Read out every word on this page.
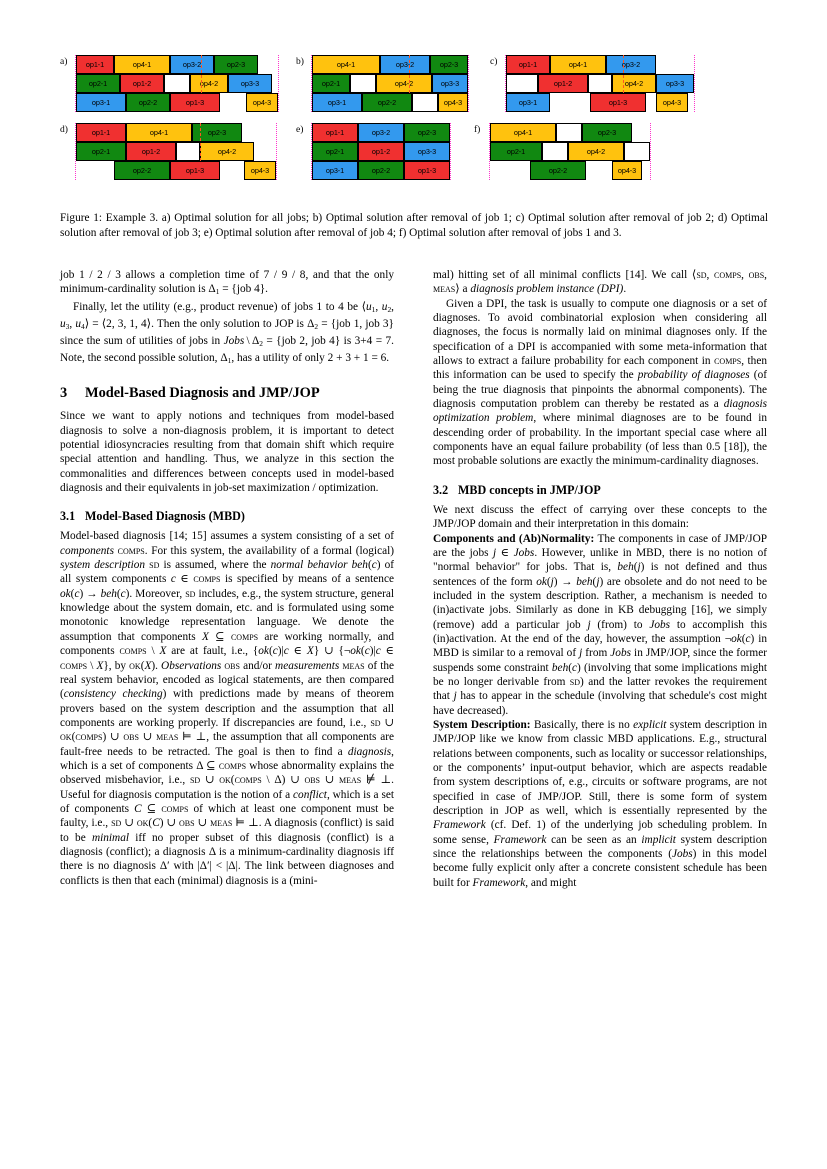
a)	op1-1	op4-1	op3-2	op2-3
op2-1	op1-2	op4-2	op3-3
op3-1	op2-2	op1-3	op4-3
b)	op4-1	op3-2	op2-3
op2-1	op4-2	op3-3
op3-1	op2-2	op4-3
c)	op1-1	op4-1	op3-2
op1-2	op4-2	op3-3
op3-1	op1-3	op4-3
d)	op1-1	op4-1	op2-3
op2-1	op1-2	op4-2
op2-2	op1-3	op4-3
e)	op1-1	op3-2	op2-3
op2-1	op1-2	op3-3
op3-1	op2-2	op1-3
f)	op4-1	op2-3
op2-1	op4-2
op2-2	op4-3
Figure 1: Example 3. a) Optimal solution for all jobs; b) Optimal solution after removal of job 1; c) Optimal solution after removal of job 2; d) Optimal solution after removal of job 3; e) Optimal solution after removal of job 4; f) Optimal solution after removal of jobs 1 and 3.

job 1 / 2 / 3 allows a completion time of 7 / 9 / 8, and that the only minimum-cardinality solution is $\Delta_1 = \{job$ 4}.

Finally, let the utility (e.g., product revenue) of jobs 1 to 4 be $⟨u_1$, $u_2$, $u_3$, $u_4⟩$ = ⟨2, 3, 1, 4⟩. Then the only solution to JOP is $\Delta_2 = \{job$ 1, job 3} since the sum of utilities of jobs in Jobs \ $\Delta_2 = \{job$ 2, job 4} is 3+4 = 7. Note, the second possible solution, $\Delta_1$, has a utility of only 2 + 3 + 1 = 6.

3 Model-Based Diagnosis and JMP/JOP

Since we want to apply notions and techniques from model-based diagnosis to solve a non-diagnosis problem, it is important to detect potential idiosyncracies resulting from that domain shift which require special attention and handling. Thus, we analyze in this section the commonalities and differences between concepts used in model-based diagnosis and their equivalents in job-set maximization / optimization.

3.1 Model-Based Diagnosis (MBD)

Model-based diagnosis [14; 15] assumes a system consisting of a set of components comps. For this system, the availability of a formal (logical) system description sd is assumed, where the normal behavior beh(c) of all system components c ∈ comps is specified by means of a sentence ok(c) → beh(c). Moreover, sd includes, e.g., the system structure, general knowledge about the system domain, etc. and is formulated using some monotonic knowledge representation language. We denote the assumption that components X ⊆ comps are working normally, and components comps \ X are at fault, i.e., {ok(c)|c ∈ X} ∪ {¬ok(c)|c ∈ comps \ X}, by ok(X). Observations obs and/or measurements meas of the real system behavior, encoded as logical statements, are then compared (consistency checking) with predictions made by means of theorem provers based on the system description and the assumption that all components are working properly. If discrepancies are found, i.e., sd ∪ ok(comps) ∪ obs ∪ meas ⊨ ⊥, the assumption that all components are fault-free needs to be retracted. The goal is then to find a diagnosis, which is a set of components Δ ⊆ comps whose abnormality explains the observed misbehavior, i.e., sd ∪ ok(comps \ Δ) ∪ obs ∪ meas ⊭ ⊥. Useful for diagnosis computation is the notion of a conflict, which is a set of components C ⊆ comps of which at least one component must be faulty, i.e., sd ∪ ok(C) ∪ obs ∪ meas ⊨ ⊥. A diagnosis (conflict) is said to be minimal iff no proper subset of this diagnosis (conflict) is a diagnosis (conflict); a diagnosis Δ is a minimum-cardinality diagnosis iff there is no diagnosis Δ′ with |Δ′| < |Δ|. The link between diagnoses and conflicts is then that each (minimal) diagnosis is a (mini-

mal) hitting set of all minimal conflicts [14]. We call ⟨sd, comps, obs, meas⟩ a diagnosis problem instance (DPI).

Given a DPI, the task is usually to compute one diagnosis or a set of diagnoses. To avoid combinatorial explosion when considering all diagnoses, the focus is normally laid on minimal diagnoses only. If the specification of a DPI is accompanied with some meta-information that allows to extract a failure probability for each component in comps, then this information can be used to specify the probability of diagnoses (of being the true diagnosis that pinpoints the abnormal components). The diagnosis computation problem can thereby be restated as a diagnosis optimization problem, where minimal diagnoses are to be found in descending order of probability. In the important special case where all components have an equal failure probability (of less than 0.5 [18]), the most probable solutions are exactly the minimum-cardinality diagnoses.

3.2 MBD concepts in JMP/JOP

We next discuss the effect of carrying over these concepts to the JMP/JOP domain and their interpretation in this domain:

Components and (Ab)Normality: The components in case of JMP/JOP are the jobs j ∈ Jobs. However, unlike in MBD, there is no notion of "normal behavior" for jobs. That is, beh(j) is not defined and thus sentences of the form ok(j) → beh(j) are obsolete and do not need to be included in the system description. Rather, a mechanism is needed to (in)activate jobs. Similarly as done in KB debugging [16], we simply (remove) add a particular job j (from) to Jobs to accomplish this (in)activation. At the end of the day, however, the assumption ¬ok(c) in MBD is similar to a removal of j from Jobs in JMP/JOP, since the former suspends some constraint beh(c) (involving that some implications might be no longer derivable from sd) and the latter revokes the requirement that j has to appear in the schedule (involving that schedule's cost might have decreased).

System Description: Basically, there is no explicit system description in JMP/JOP like we know from classic MBD applications. E.g., structural relations between components, such as locality or successor relationships, or the components’ input-output behavior, which are aspects readable from system descriptions of, e.g., circuits or software programs, are not specified in case of JMP/JOP. Still, there is some form of system description in JOP as well, which is essentially represented by the Framework (cf. Def. 1) of the underlying job scheduling problem. In some sense, Framework can be seen as an implicit system description since the relationships between the components (Jobs) in this model become fully explicit only after a concrete consistent schedule has been built for Framework, and might
